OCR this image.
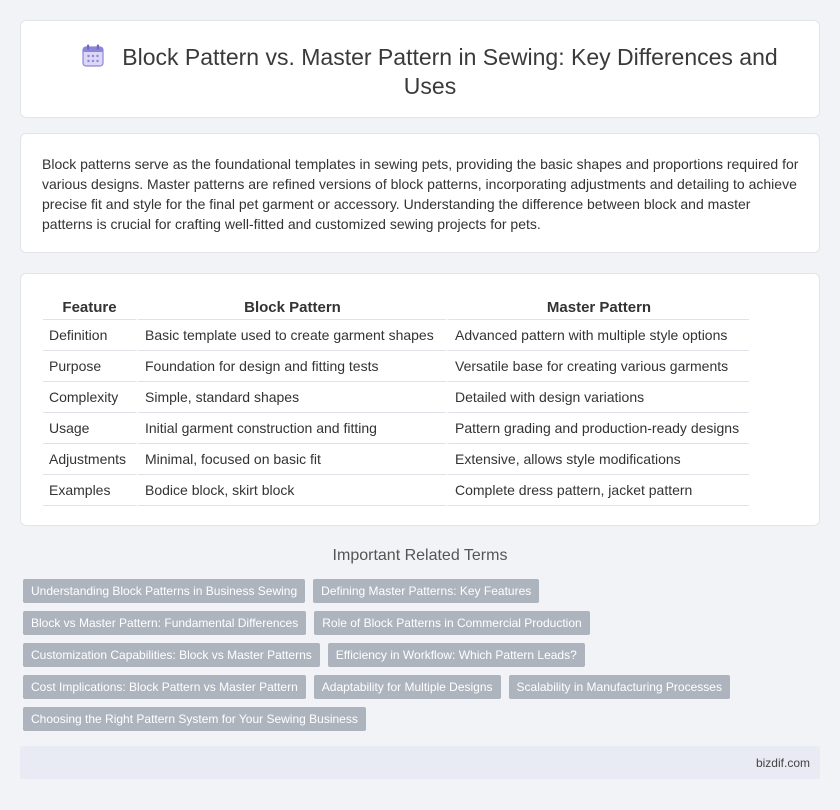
Block Pattern vs. Master Pattern in Sewing: Key Differences and Uses

Block patterns serve as the foundational templates in sewing pets, providing the basic shapes and proportions required for various designs. Master patterns are refined versions of block patterns, incorporating adjustments and detailing to achieve precise fit and style for the final pet garment or accessory. Understanding the difference between block and master patterns is crucial for crafting well-fitted and customized sewing projects for pets.

Feature	Block Pattern	Master Pattern
Definition	Basic template used to create garment shapes	Advanced pattern with multiple style options
Purpose	Foundation for design and fitting tests	Versatile base for creating various garments
Complexity	Simple, standard shapes	Detailed with design variations
Usage	Initial garment construction and fitting	Pattern grading and production-ready designs
Adjustments	Minimal, focused on basic fit	Extensive, allows style modifications
Examples	Bodice block, skirt block	Complete dress pattern, jacket pattern
Important Related Terms
Understanding Block Patterns in Business Sewing	Defining Master Patterns: Key Features
Block vs Master Pattern: Fundamental Differences	Role of Block Patterns in Commercial Production
Customization Capabilities: Block vs Master Patterns	Efficiency in Workflow: Which Pattern Leads?
Cost Implications: Block Pattern vs Master Pattern	Adaptability for Multiple Designs	Scalability in Manufacturing Processes
Choosing the Right Pattern System for Your Sewing Business
bizdif.com
